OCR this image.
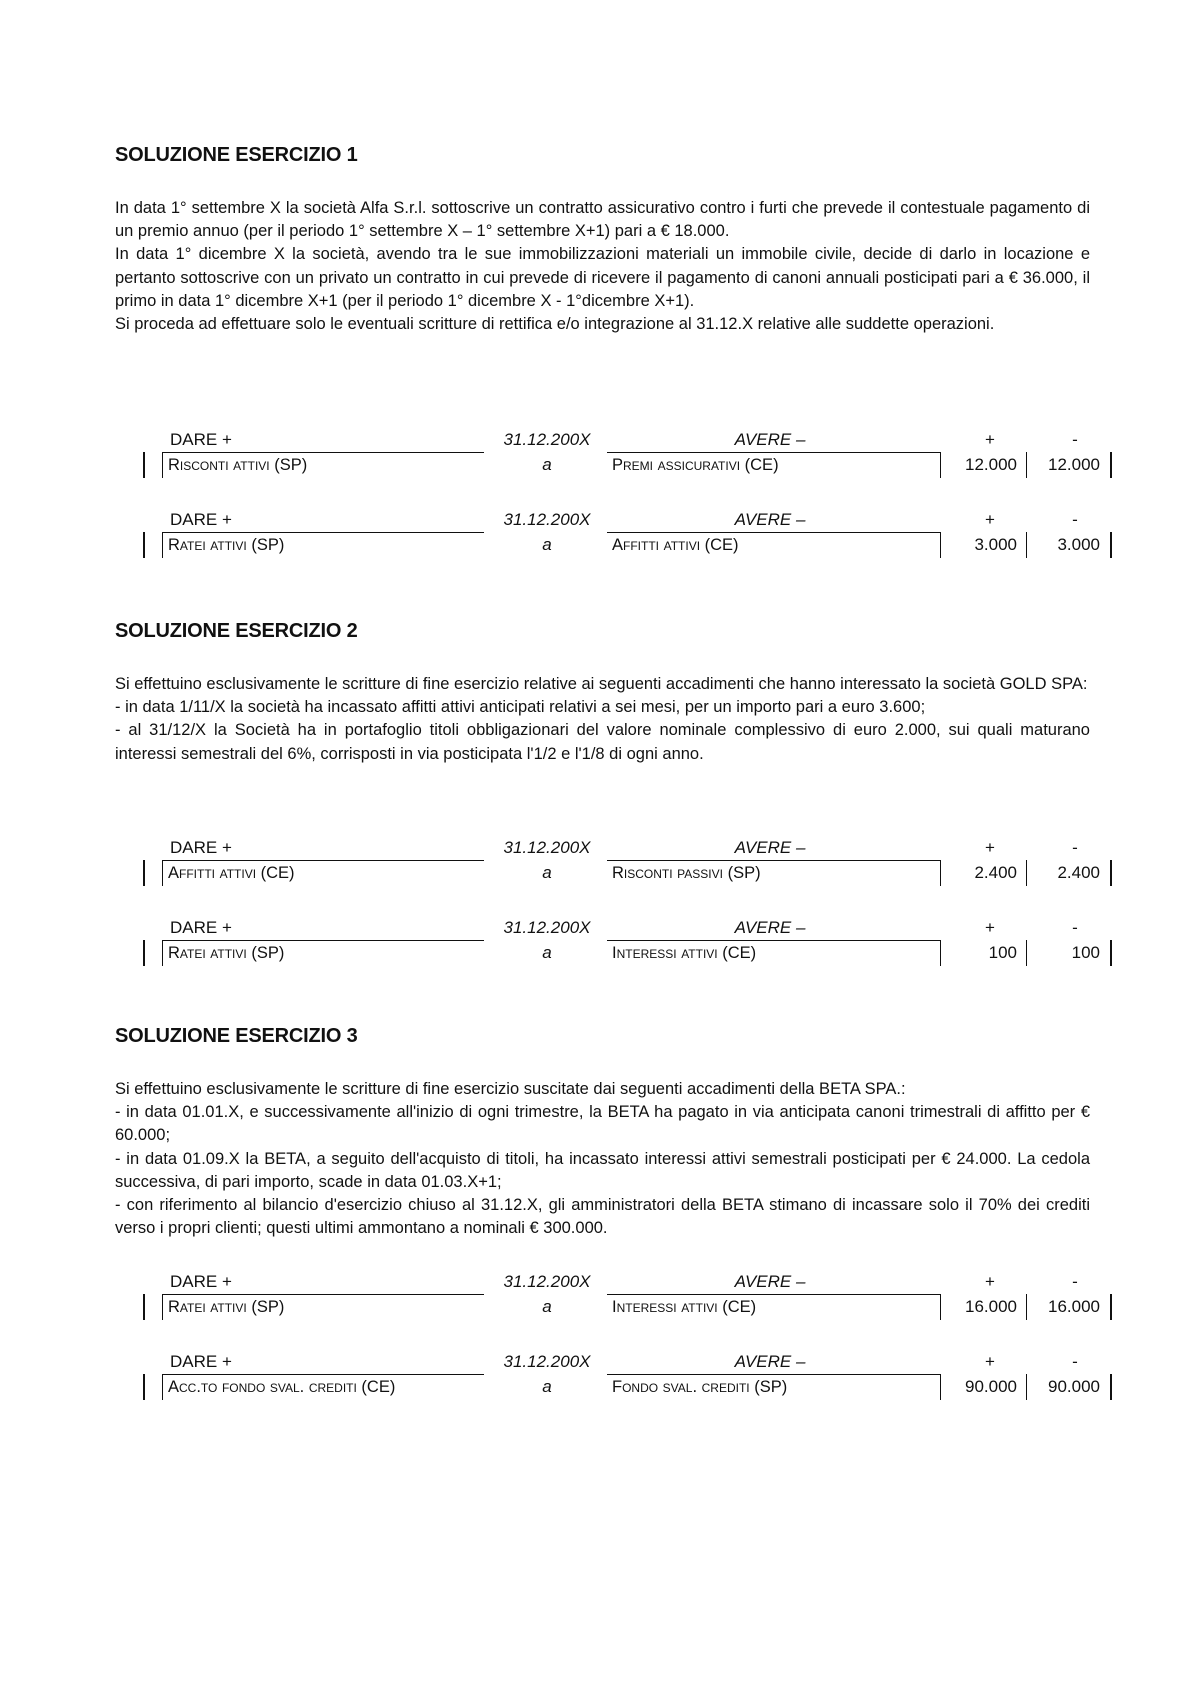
SOLUZIONE ESERCIZIO 1

In data 1° settembre X la società Alfa S.r.l. sottoscrive un contratto assicurativo contro i furti che prevede il contestuale pagamento di un premio annuo (per il periodo 1° settembre X – 1° settembre X+1) pari a € 18.000.

In data 1° dicembre X la società, avendo tra le sue immobilizzazioni materiali un immobile civile, decide di darlo in locazione e pertanto sottoscrive con un privato un contratto in cui prevede di ricevere il pagamento di canoni annuali posticipati pari a € 36.000, il primo in data 1° dicembre X+1 (per il periodo 1° dicembre X - 1°dicembre X+1).

Si proceda ad effettuare solo le eventuali scritture di rettifica e/o integrazione al 31.12.X relative alle suddette operazioni.

DARE +	31.12.200X	AVERE –	+	-
Risconti attivi (SP)	a	Premi assicurativi (CE)	12.000	12.000
DARE +	31.12.200X	AVERE –	+	-
Ratei attivi (SP)	a	Affitti attivi (CE)	3.000	3.000
SOLUZIONE ESERCIZIO 2

Si effettuino esclusivamente le scritture di fine esercizio relative ai seguenti accadimenti che hanno interessato la società GOLD SPA:

- in data 1/11/X la società ha incassato affitti attivi anticipati relativi a sei mesi, per un importo pari a euro 3.600;

- al 31/12/X la Società ha in portafoglio titoli obbligazionari del valore nominale complessivo di euro 2.000, sui quali maturano interessi semestrali del 6%, corrisposti in via posticipata l'1/2 e l'1/8 di ogni anno.

DARE +	31.12.200X	AVERE –	+	-
Affitti attivi (CE)	a	Risconti passivi (SP)	2.400	2.400
DARE +	31.12.200X	AVERE –	+	-
Ratei attivi (SP)	a	Interessi attivi (CE)	100	100
SOLUZIONE ESERCIZIO 3

Si effettuino esclusivamente le scritture di fine esercizio suscitate dai seguenti accadimenti della BETA SPA.:

- in data 01.01.X, e successivamente all'inizio di ogni trimestre, la BETA ha pagato in via anticipata canoni trimestrali di affitto per € 60.000;

- in data 01.09.X la BETA, a seguito dell'acquisto di titoli, ha incassato interessi attivi semestrali posticipati per € 24.000. La cedola successiva, di pari importo, scade in data 01.03.X+1;

- con riferimento al bilancio d'esercizio chiuso al 31.12.X, gli amministratori della BETA stimano di incassare solo il 70% dei crediti verso i propri clienti; questi ultimi ammontano a nominali € 300.000.

DARE +	31.12.200X	AVERE –	+	-
Ratei attivi (SP)	a	Interessi attivi (CE)	16.000	16.000
DARE +	31.12.200X	AVERE –	+	-
Acc.to fondo sval. crediti (CE)	a	Fondo sval. crediti (SP)	90.000	90.000
